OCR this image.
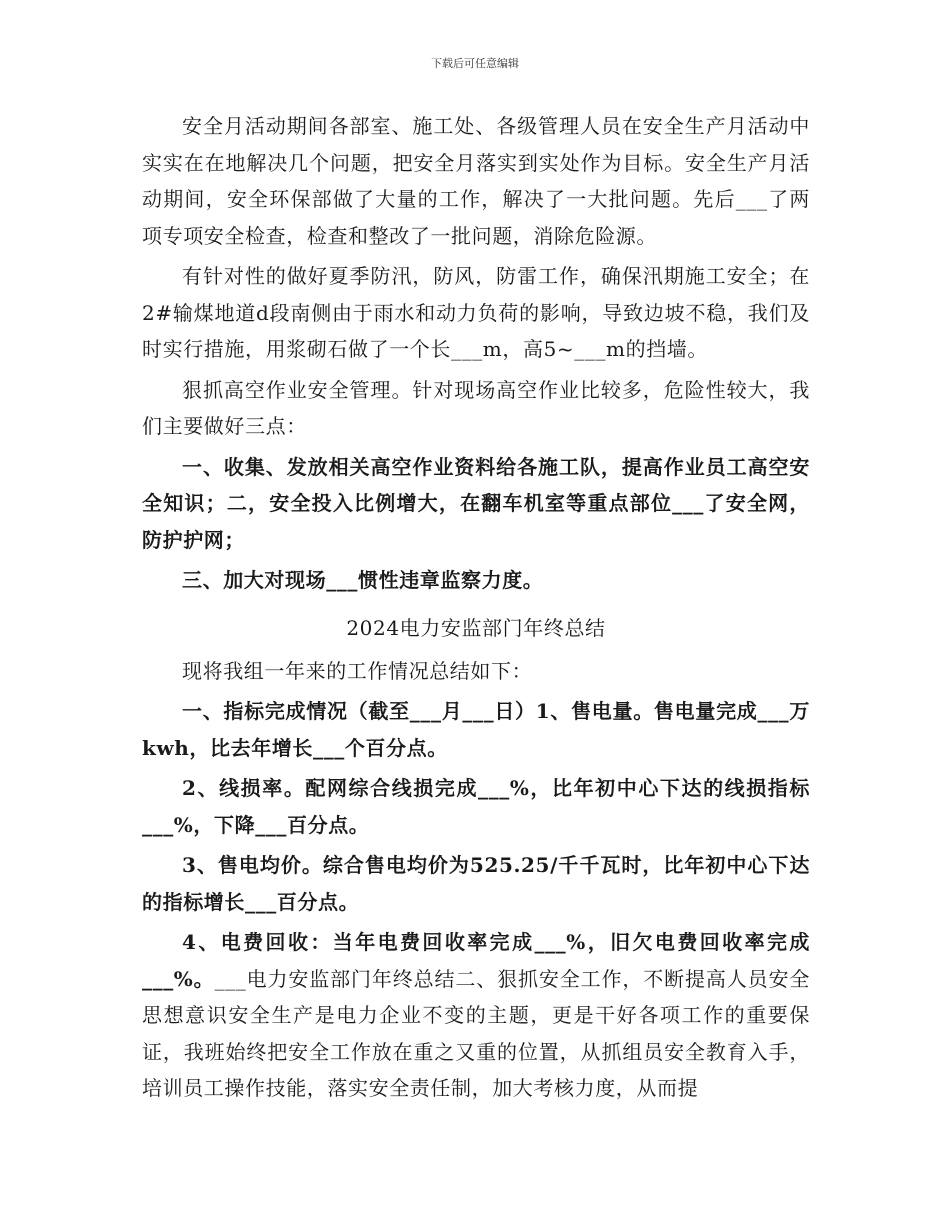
下载后可任意编辑

安全月活动期间各部室、施工处、各级管理人员在安全生产月活动中实实在在地解决几个问题，把安全月落实到实处作为目标。安全生产月活动期间，安全环保部做了大量的工作，解决了一大批问题。先后___了两项专项安全检查，检查和整改了一批问题，消除危险源。

有针对性的做好夏季防汛，防风，防雷工作，确保汛期施工安全；在2#输煤地道d段南侧由于雨水和动力负荷的影响，导致边坡不稳，我们及时实行措施，用浆砌石做了一个长___m，高5~___m的挡墙。

狠抓高空作业安全管理。针对现场高空作业比较多，危险性较大，我们主要做好三点：

一、收集、发放相关高空作业资料给各施工队，提高作业员工高空安全知识；二，安全投入比例增大，在翻车机室等重点部位___了安全网，防护护网；

三、加大对现场___惯性违章监察力度。

2024电力安监部门年终总结

现将我组一年来的工作情况总结如下：

一、指标完成情况（截至___月___日）1、售电量。售电量完成___万kwh，比去年增长___个百分点。

2、线损率。配网综合线损完成___%，比年初中心下达的线损指标___%，下降___百分点。

3、售电均价。综合售电均价为525.25/千千瓦时，比年初中心下达的指标增长___百分点。

4、电费回收：当年电费回收率完成___%，旧欠电费回收率完成___%。___电力安监部门年终总结二、狠抓安全工作，不断提高人员安全思想意识安全生产是电力企业不变的主题，更是干好各项工作的重要保证，我班始终把安全工作放在重之又重的位置，从抓组员安全教育入手，培训员工操作技能，落实安全责任制，加大考核力度，从而提
